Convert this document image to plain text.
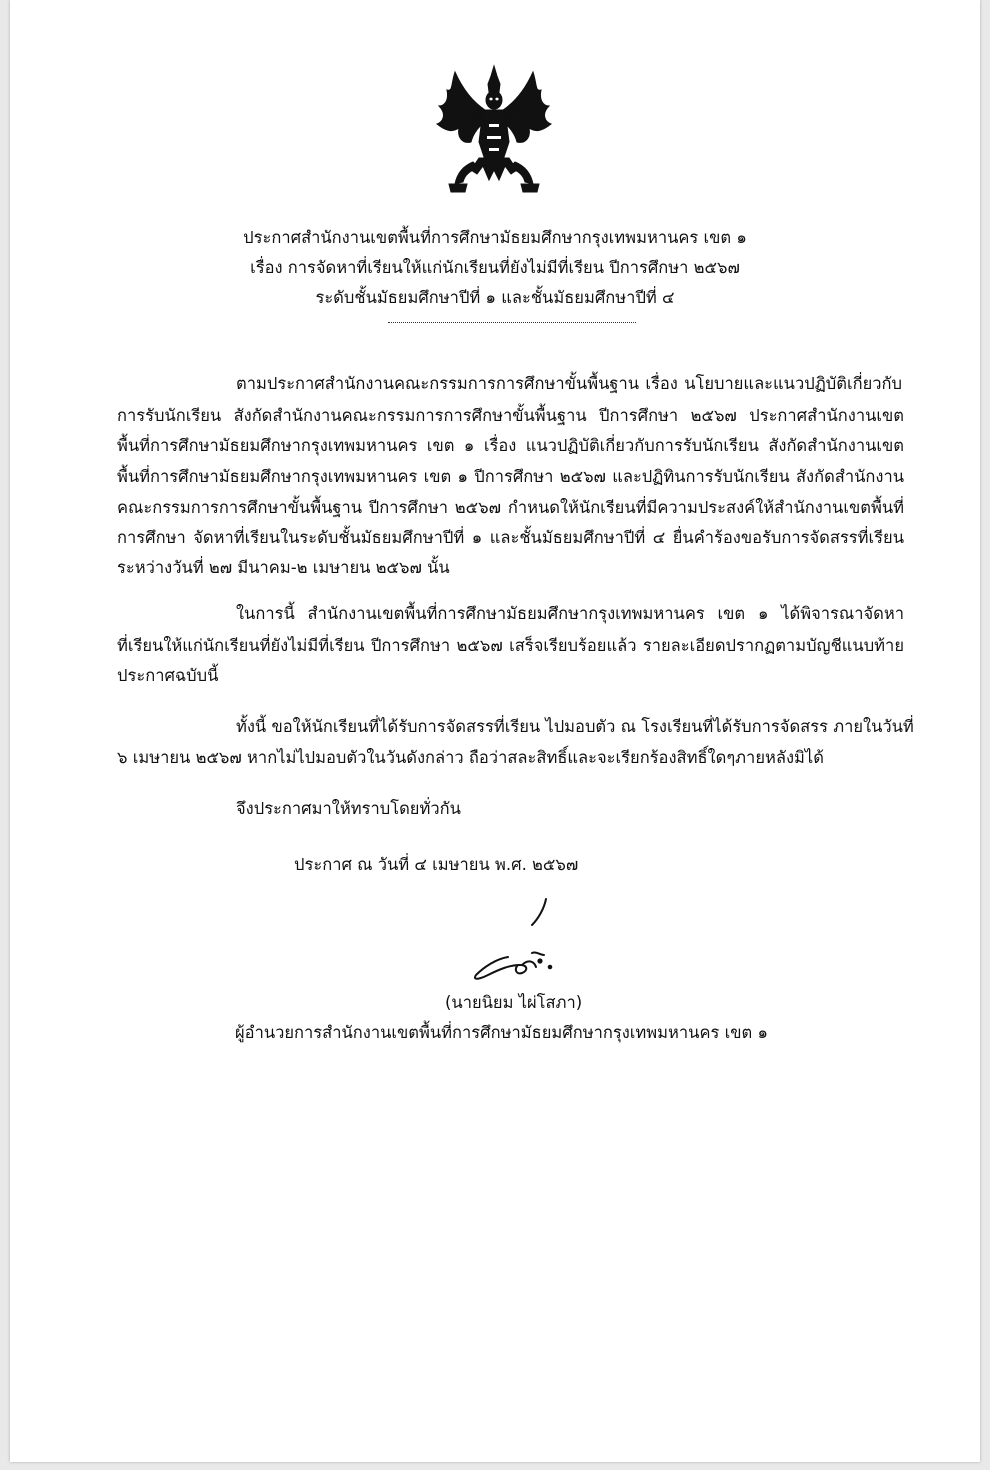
ประกาศสำนักงานเขตพื้นที่การศึกษามัธยมศึกษากรุงเทพมหานคร เขต ๑
เรื่อง การจัดหาที่เรียนให้แก่นักเรียนที่ยังไม่มีที่เรียน ปีการศึกษา ๒๕๖๗
ระดับชั้นมัธยมศึกษาปีที่ ๑ และชั้นมัธยมศึกษาปีที่ ๔
ตามประกาศสำนักงานคณะกรรมการการศึกษาขั้นพื้นฐาน เรื่อง นโยบายและแนวปฏิบัติเกี่ยวกับ
การรับนักเรียน สังกัดสำนักงานคณะกรรมการการศึกษาขั้นพื้นฐาน ปีการศึกษา ๒๕๖๗ ประกาศสำนักงานเขต
พื้นที่การศึกษามัธยมศึกษากรุงเทพมหานคร เขต ๑ เรื่อง แนวปฏิบัติเกี่ยวกับการรับนักเรียน สังกัดสำนักงานเขต
พื้นที่การศึกษามัธยมศึกษากรุงเทพมหานคร เขต ๑ ปีการศึกษา ๒๕๖๗ และปฏิทินการรับนักเรียน สังกัดสำนักงาน
คณะกรรมการการศึกษาขั้นพื้นฐาน ปีการศึกษา ๒๕๖๗ กำหนดให้นักเรียนที่มีความประสงค์ให้สำนักงานเขตพื้นที่
การศึกษา จัดหาที่เรียนในระดับชั้นมัธยมศึกษาปีที่ ๑ และชั้นมัธยมศึกษาปีที่ ๔ ยื่นคำร้องขอรับการจัดสรรที่เรียน
ระหว่างวันที่ ๒๗ มีนาคม-๒ เมษายน ๒๕๖๗ นั้น
ในการนี้ สำนักงานเขตพื้นที่การศึกษามัธยมศึกษากรุงเทพมหานคร เขต ๑ ได้พิจารณาจัดหา
ที่เรียนให้แก่นักเรียนที่ยังไม่มีที่เรียน ปีการศึกษา ๒๕๖๗ เสร็จเรียบร้อยแล้ว รายละเอียดปรากฏตามบัญชีแนบท้าย
ประกาศฉบับนี้
ทั้งนี้ ขอให้นักเรียนที่ได้รับการจัดสรรที่เรียน ไปมอบตัว ณ โรงเรียนที่ได้รับการจัดสรร ภายในวันที่
๖ เมษายน ๒๕๖๗ หากไม่ไปมอบตัวในวันดังกล่าว ถือว่าสละสิทธิ์และจะเรียกร้องสิทธิ์ใดๆภายหลังมิได้
จึงประกาศมาให้ทราบโดยทั่วกัน
ประกาศ ณ วันที่ ๔ เมษายน พ.ศ. ๒๕๖๗
(นายนิยม ไผ่โสภา)
ผู้อำนวยการสำนักงานเขตพื้นที่การศึกษามัธยมศึกษากรุงเทพมหานคร เขต ๑
